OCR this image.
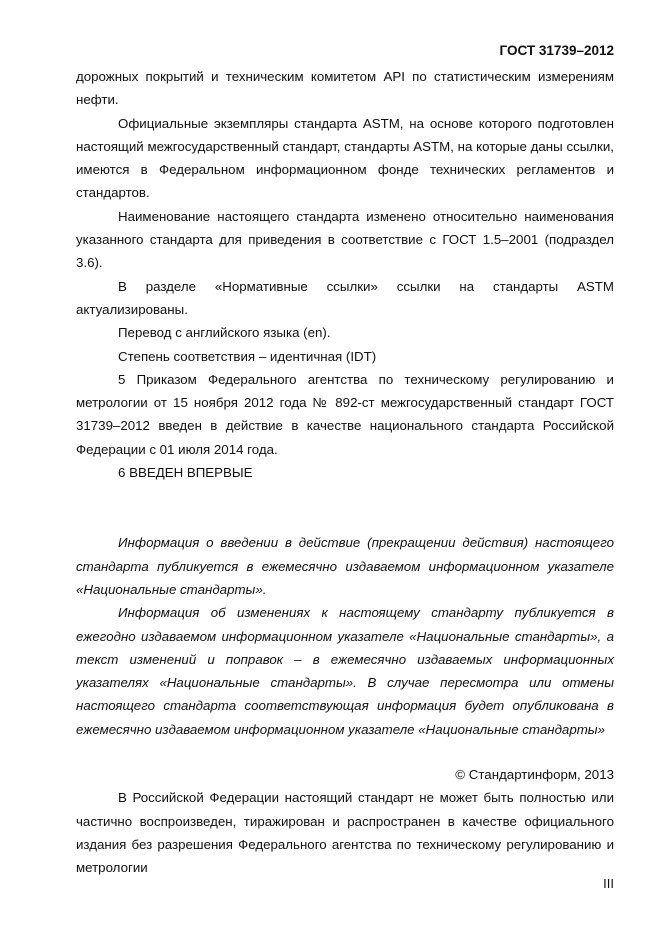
ГОСТ 31739–2012

дорожных покрытий и техническим комитетом API по статистическим измерениям нефти.

Официальные экземпляры стандарта ASTM, на основе которого подготовлен настоящий межгосударственный стандарт, стандарты ASTM, на которые даны ссылки, имеются в Федеральном информационном фонде технических регламентов и стандартов.

Наименование настоящего стандарта изменено относительно наименования указанного стандарта для приведения в соответствие с ГОСТ 1.5–2001 (подраздел 3.6).

В разделе «Нормативные ссылки» ссылки на стандарты ASTM актуализированы.

Перевод с английского языка (en).

Степень соответствия – идентичная (IDT)

5 Приказом Федерального агентства по техническому регулированию и метрологии от 15 ноября 2012 года № 892-ст межгосударственный стандарт ГОСТ 31739–2012 введен в действие в качестве национального стандарта Российской Федерации с 01 июля 2014 года.

6 ВВЕДЕН ВПЕРВЫЕ

Информация о введении в действие (прекращении действия) настоящего стандарта публикуется в ежемесячно издаваемом информационном указателе «Национальные стандарты».

Информация об изменениях к настоящему стандарту публикуется в ежегодно издаваемом информационном указателе «Национальные стандарты», а текст изменений и поправок – в ежемесячно издаваемых информационных указателях «Национальные стандарты». В случае пересмотра или отмены настоящего стандарта соответствующая информация будет опубликована в ежемесячно издаваемом информационном указателе «Национальные стандарты»

© Стандартинформ, 2013

В Российской Федерации настоящий стандарт не может быть полностью или частично воспроизведен, тиражирован и распространен в качестве официального издания без разрешения Федерального агентства по техническому регулированию и метрологии

III
